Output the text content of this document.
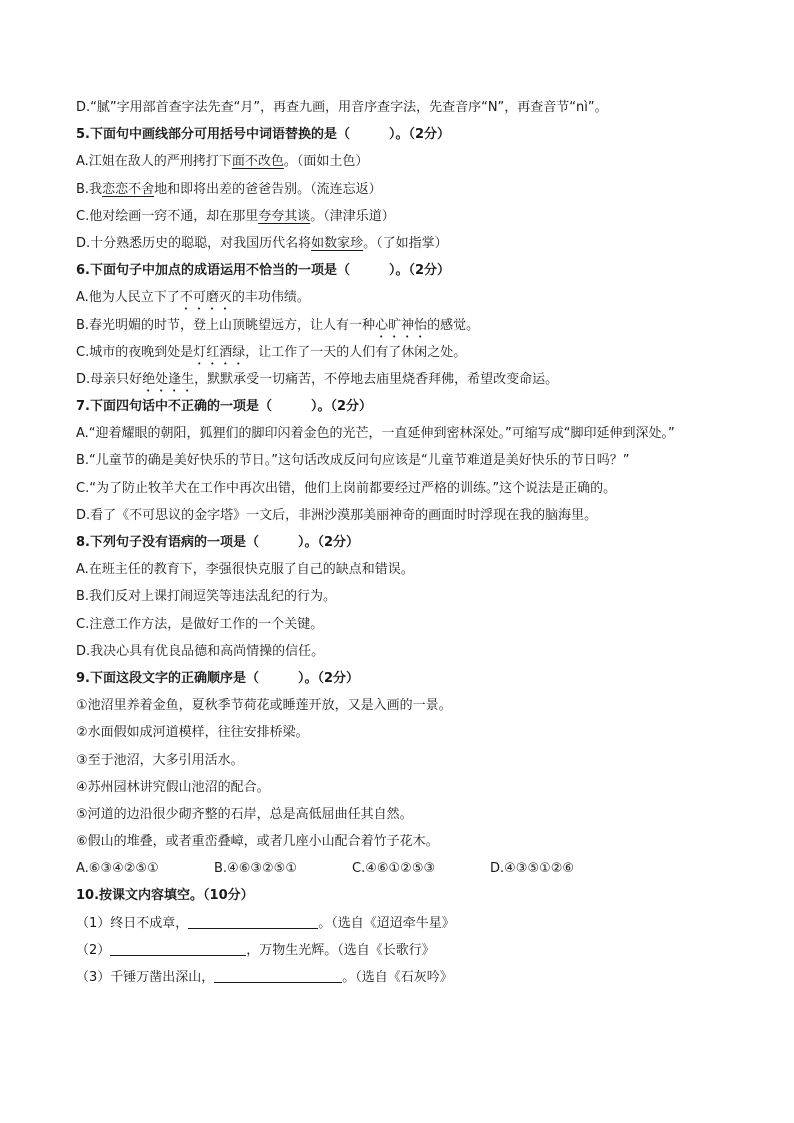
D.“腻”字用部首查字法先查“月”，再查九画，用音序查字法，先查音序“N”，再查音节“nì”。
5.下面句中画线部分可用括号中词语替换的是（　　　）。（2分）
A.江姐在敌人的严刑拷打下面不改色。（面如土色）
B.我恋恋不舍地和即将出差的爸爸告别。（流连忘返）
C.他对绘画一窍不通，却在那里夸夸其谈。（津津乐道）
D.十分熟悉历史的聪聪，对我国历代名将如数家珍。（了如指掌）
6.下面句子中加点的成语运用不恰当的一项是（　　　）。（2分）
A.他为人民立下了不可磨灭的丰功伟绩。
B.春光明媚的时节，登上山顶眺望远方，让人有一种心旷神怡的感觉。
C.城市的夜晚到处是灯红酒绿，让工作了一天的人们有了休闲之处。
D.母亲只好绝处逢生，默默承受一切痛苦，不停地去庙里烧香拜佛，希望改变命运。
7.下面四句话中不正确的一项是（　　　）。（2分）
A.“迎着耀眼的朝阳，狐狸们的脚印闪着金色的光芒，一直延伸到密林深处。”可缩写成“脚印延伸到深处。”
B.“儿童节的确是美好快乐的节日。”这句话改成反问句应该是“儿童节难道是美好快乐的节日吗？”
C.“为了防止牧羊犬在工作中再次出错，他们上岗前都要经过严格的训练。”这个说法是正确的。
D.看了《不可思议的金字塔》一文后，非洲沙漠那美丽神奇的画面时时浮现在我的脑海里。
8.下列句子没有语病的一项是（　　　）。（2分）
A.在班主任的教育下，李强很快克服了自己的缺点和错误。
B.我们反对上课打闹逗笑等违法乱纪的行为。
C.注意工作方法，是做好工作的一个关键。
D.我决心具有优良品德和高尚情操的信任。
9.下面这段文字的正确顺序是（　　　）。（2分）
①池沼里养着金鱼，夏秋季节荷花或睡莲开放，又是入画的一景。
②水面假如成河道模样，往往安排桥梁。
③至于池沼，大多引用活水。
④苏州园林讲究假山池沼的配合。
⑤河道的边沿很少砌齐整的石岸，总是高低屈曲任其自然。
⑥假山的堆叠，或者重峦叠嶂，或者几座小山配合着竹子花木。
A.⑥③④②⑤①	B.④⑥③②⑤①	C.④⑥①②⑤③	D.④③⑤①②⑥
10.按课文内容填空。（10分）
（1）终日不成章，	。（选自《迢迢牵牛星》
（2）	，万物生光辉。（选自《长歌行》
（3）千锤万凿出深山，	。（选自《石灰吟》
